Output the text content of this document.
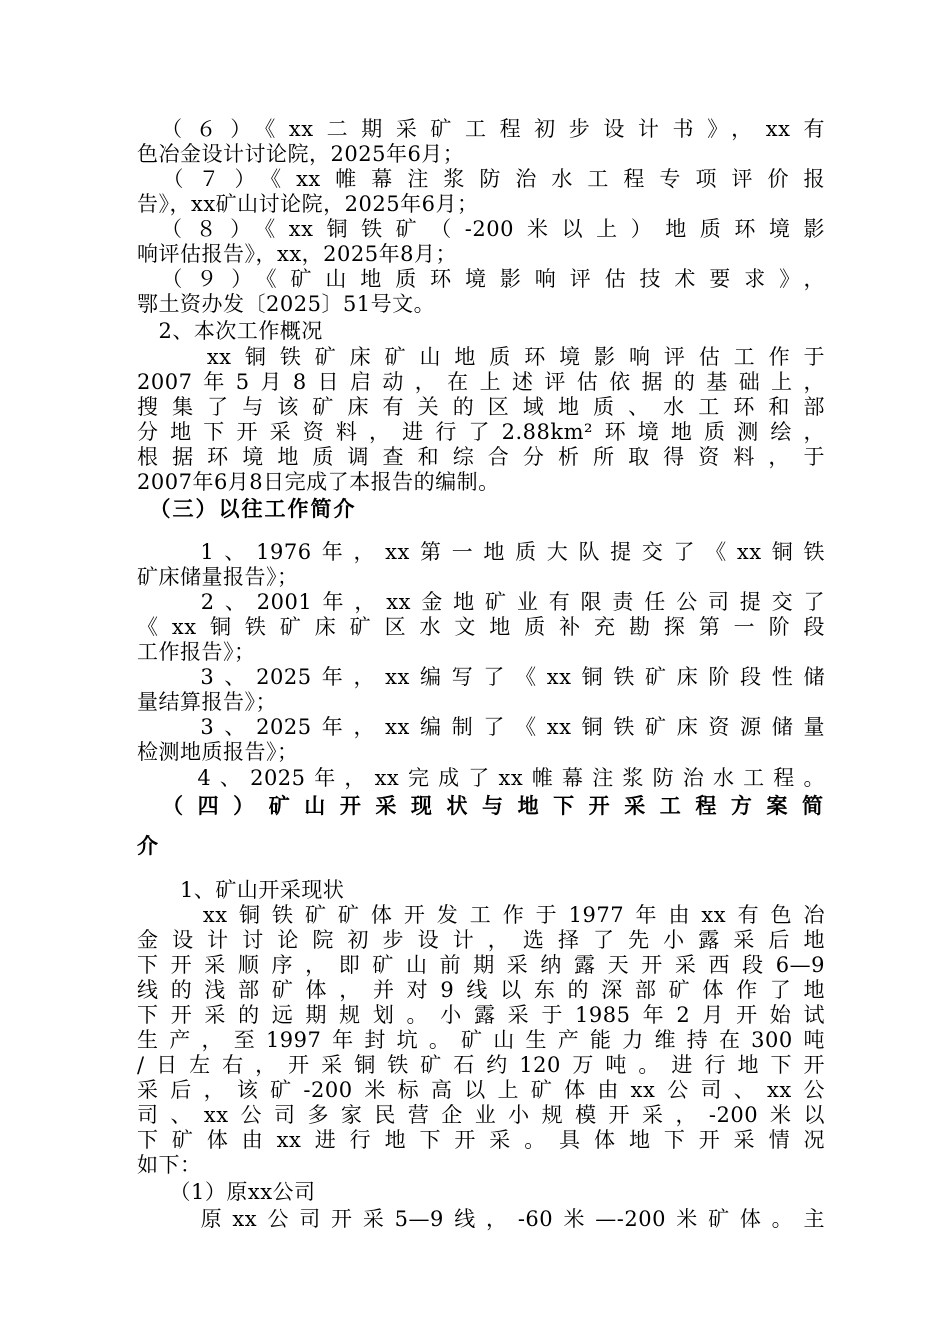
　（６）《xx二期采矿工程初步设计书》，xx有
色冶金设计讨论院，2025年6月；
　（７）《xx帷幕注浆防治水工程专项评价报
告》，xx矿山讨论院，2025年6月；
　（８）《xx铜铁矿（-200米以上）地质环境影
响评估报告》，xx，2025年8月；
　（９）《矿山地质环境影响评估技术要求》，
鄂土资办发〔2025〕51号文。
　2、本次工作概况
　　xx铜铁矿床矿山地质环境影响评估工作于
2007年5月8日启动，在上述评估依据的基础上，
搜集了与该矿床有关的区域地质、水工环和部
分地下开采资料，进行了2.88km²环境地质测绘，
根据环境地质调查和综合分析所取得资料，于
2007年6月8日完成了本报告的编制。
　（三）以往工作简介
　　1、1976年，xx第一地质大队提交了《xx铜铁
矿床储量报告》；
　　2、2001年，xx金地矿业有限责任公司提交了
《xx铜铁矿床矿区水文地质补充勘探第一阶段
工作报告》；
　　3、2025年，xx编写了《xx铜铁矿床阶段性储
量结算报告》；
　　3、2025年，xx编制了《xx铜铁矿床资源储量
检测地质报告》；
　　4、2025年，xx完成了xx帷幕注浆防治水工程。
　（四）矿山开采现状与地下开采工程方案简
介
　　1、矿山开采现状
　　xx铜铁矿矿体开发工作于1977年由xx有色冶
金设计讨论院初步设计，选择了先小露采后地
下开采顺序，即矿山前期采纳露天开采西段6—9
线的浅部矿体，并对9线以东的深部矿体作了地
下开采的远期规划。小露采于1985年2月开始试
生产，至1997年封坑。矿山生产能力维持在300吨
/日左右，开采铜铁矿石约120万吨。进行地下开
采后，该矿-200米标高以上矿体由xx公司、xx公
司、xx公司多家民营企业小规模开采，-200米以
下矿体由xx进行地下开采。具体地下开采情况
如下：
　　（1）原xx公司
　　原xx公司开采5—9线，-60米—-200米矿体。主
